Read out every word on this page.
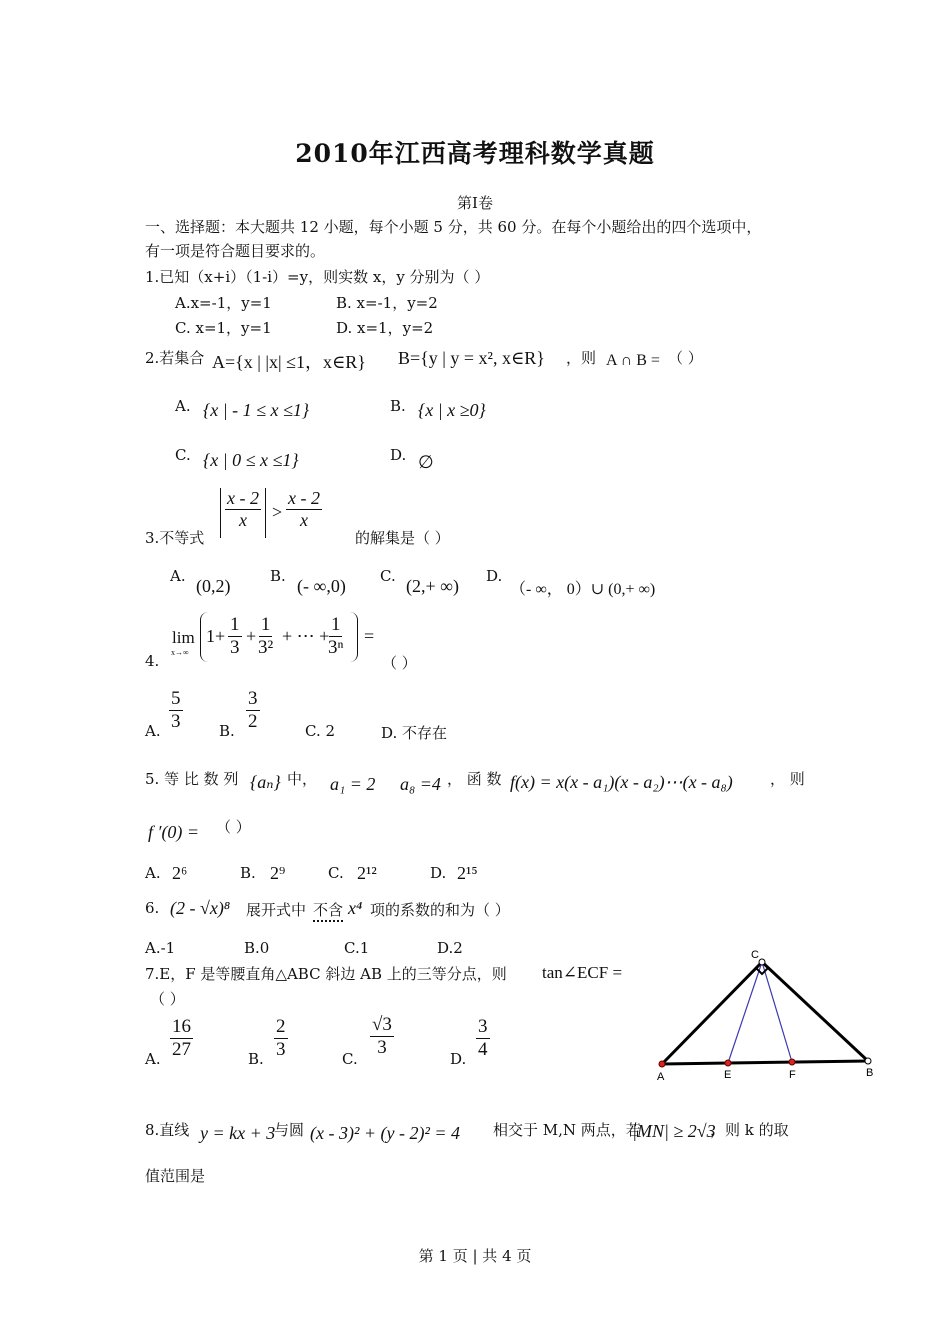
2010年江西高考理科数学真题
第Ⅰ卷
一、选择题：本大题共 12 小题，每个小题 5 分，共 60 分。在每个小题给出的四个选项中，
有一项是符合题目要求的。
1.已知（x+i）（1-i）=y，则实数 x，y 分别为（ ）
A.x=-1，y=1	B. x=-1，y=2
C. x=1，y=1	D. x=1，y=2
2.若集合 A={x | |x| ≤1，x∈R} B={y | y = x², x∈R} ，则 A ∩ B = （ ）
A. {x | - 1 ≤ x ≤1}	B. {x | x ≥0}
C. {x | 0 ≤ x ≤1}	D. ∅
$\frac{x - 2}{x} > \frac{x - 2}{x}$
3.不等式	的解集是（ ）
A. (0,2)	B. (- ∞,0) C. (2,+ ∞) D.
（- ∞， 0）∪ (0,+ ∞)
4.
lim
x→∞
$1+ \frac{1}{3} + \frac{1}{\text{3²}}$ + ⋯ +
$\frac{1}{\text{3ⁿ}}$ =
（ ）
A. $\frac{5}{3} B$. $\frac{3}{2}$	C. 2	D. 不存在
5. 等 比 数 列 {aₙ} 中， a₁ = 2 a₈ =4 ， 函 数 f(x) = x(x - a₁)(x - a₂)⋯(x - a₈) ， 则
f ′(0) = （ ）
A. 2⁶	B. 2⁹	C. 2¹²	D. 2¹⁵
6. (2 - √x)⁸ 展开式中 不含 x⁴ 项的系数的和为（ ）
A.-1	B.0	C.1	D.2
7.E，F 是等腰直角△ABC 斜边 AB 上的三等分点，则 tan∠ECF =
（ ）
A. $\frac{16}{27}$	B. $\frac{2}{3}$	C.
$\frac{√3}{3}$
D. $\frac{3}{4}$
C
A	E	F	B
8.直线 y = kx + 3
与圆 (x - 3)² + (y - 2)² = 4 相交于 M,N 两点，若
|MN| ≥ 2√3
，则 k 的取
值范围是
第 1 页 | 共 4 页
